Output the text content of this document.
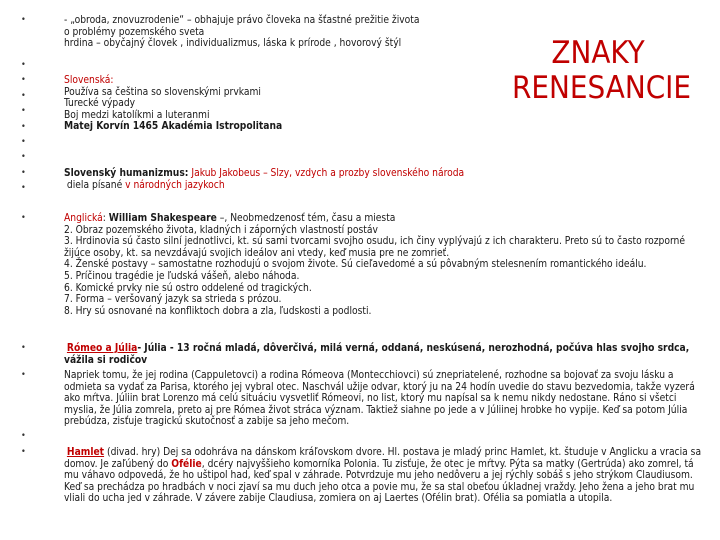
•
•
•
•
•
•
•
•
•
•
•
•
•
•
•
ZNAKY
RENESANCIE
- „obroda, znovuzrodenie“ – obhajuje právo človeka na šťastné prežitie života
o problémy pozemského sveta
hrdina – obyčajný človek , individualizmus, láska k prírode , hovorový štýl
Slovenská:
Používa sa čeština so slovenskými prvkami
Turecké výpady
Boj medzi katolíkmi a luteranmi
Matej Korvín 1465 Akadémia Istropolitana
Slovenský humanizmus: Jakub Jakobeus – Slzy, vzdych a prozby slovenského národa
diela písané v národných jazykoch
Anglická: William Shakespeare –, Neobmedzenosť tém, času a miesta
2. Obraz pozemského života, kladných i záporných vlastností postáv
3. Hrdinovia sú často silní jednotlivci, kt. sú sami tvorcami svojho osudu, ich činy vyplývajú z ich charakteru. Preto sú to často rozporné žijúce osoby, kt. sa nevzdávajú svojich ideálov ani vtedy, keď musia pre ne zomrieť.
4. Ženské postavy – samostatne rozhodujú o svojom živote. Sú cieľavedomé a sú pôvabným stelesnením romantického ideálu.
5. Príčinou tragédie je ľudská vášeň, alebo náhoda.
6. Komické prvky nie sú ostro oddelené od tragických.
7. Forma – veršovaný jazyk sa strieda s prózou.
8. Hry sú osnované na konfliktoch dobra a zla, ľudskosti a podlosti.
Rómeo a Júlia- Júlia - 13 ročná mladá, dôverčivá, milá verná, oddaná, neskúsená, nerozhodná, počúva hlas svojho srdca, vážila si rodičov
Napriek tomu, že jej rodina (Cappuletovci) a rodina Rómeova (Montecchiovci) sú znepriatelené, rozhodne sa bojovať za svoju lásku a odmieta sa vydať za Parisa, ktorého jej vybral otec. Naschvál užije odvar, ktorý ju na 24 hodín uvedie do stavu bezvedomia, takže vyzerá ako mŕtva. Júliin brat Lorenzo má celú situáciu vysvetliť Rómeovi, no list, ktorý mu napísal sa k nemu nikdy nedostane. Ráno si všetci myslia, že Júlia zomrela, preto aj pre Rómea život stráca význam. Taktiež siahne po jede a v Júliinej hrobke ho vypije. Keď sa potom Júlia prebúdza, zisťuje tragickú skutočnosť a zabije sa jeho mečom.
Hamlet (divad. hry) Dej sa odohráva na dánskom kráľovskom dvore. Hl. postava je mladý princ Hamlet, kt. študuje v Anglicku a vracia sa domov. Je zaľúbený do Ofélie, dcéry najvyššieho komorníka Polonia. Tu zisťuje, že otec je mŕtvy. Pýta sa matky (Gertrúda) ako zomrel, tá mu váhavo odpovedá, že ho uštipol had, keď spal v záhrade. Potvrdzuje mu jeho nedôveru a jej rýchly sobáš s jeho strýkom Claudiusom. Keď sa prechádza po hradbách v noci zjaví sa mu duch jeho otca a povie mu, že sa stal obeťou úkladnej vraždy. Jeho žena a jeho brat mu vliali do ucha jed v záhrade. V závere zabije Claudiusa, zomiera on aj Laertes (Ofélin brat). Ofélia sa pomiatla a utopila.
